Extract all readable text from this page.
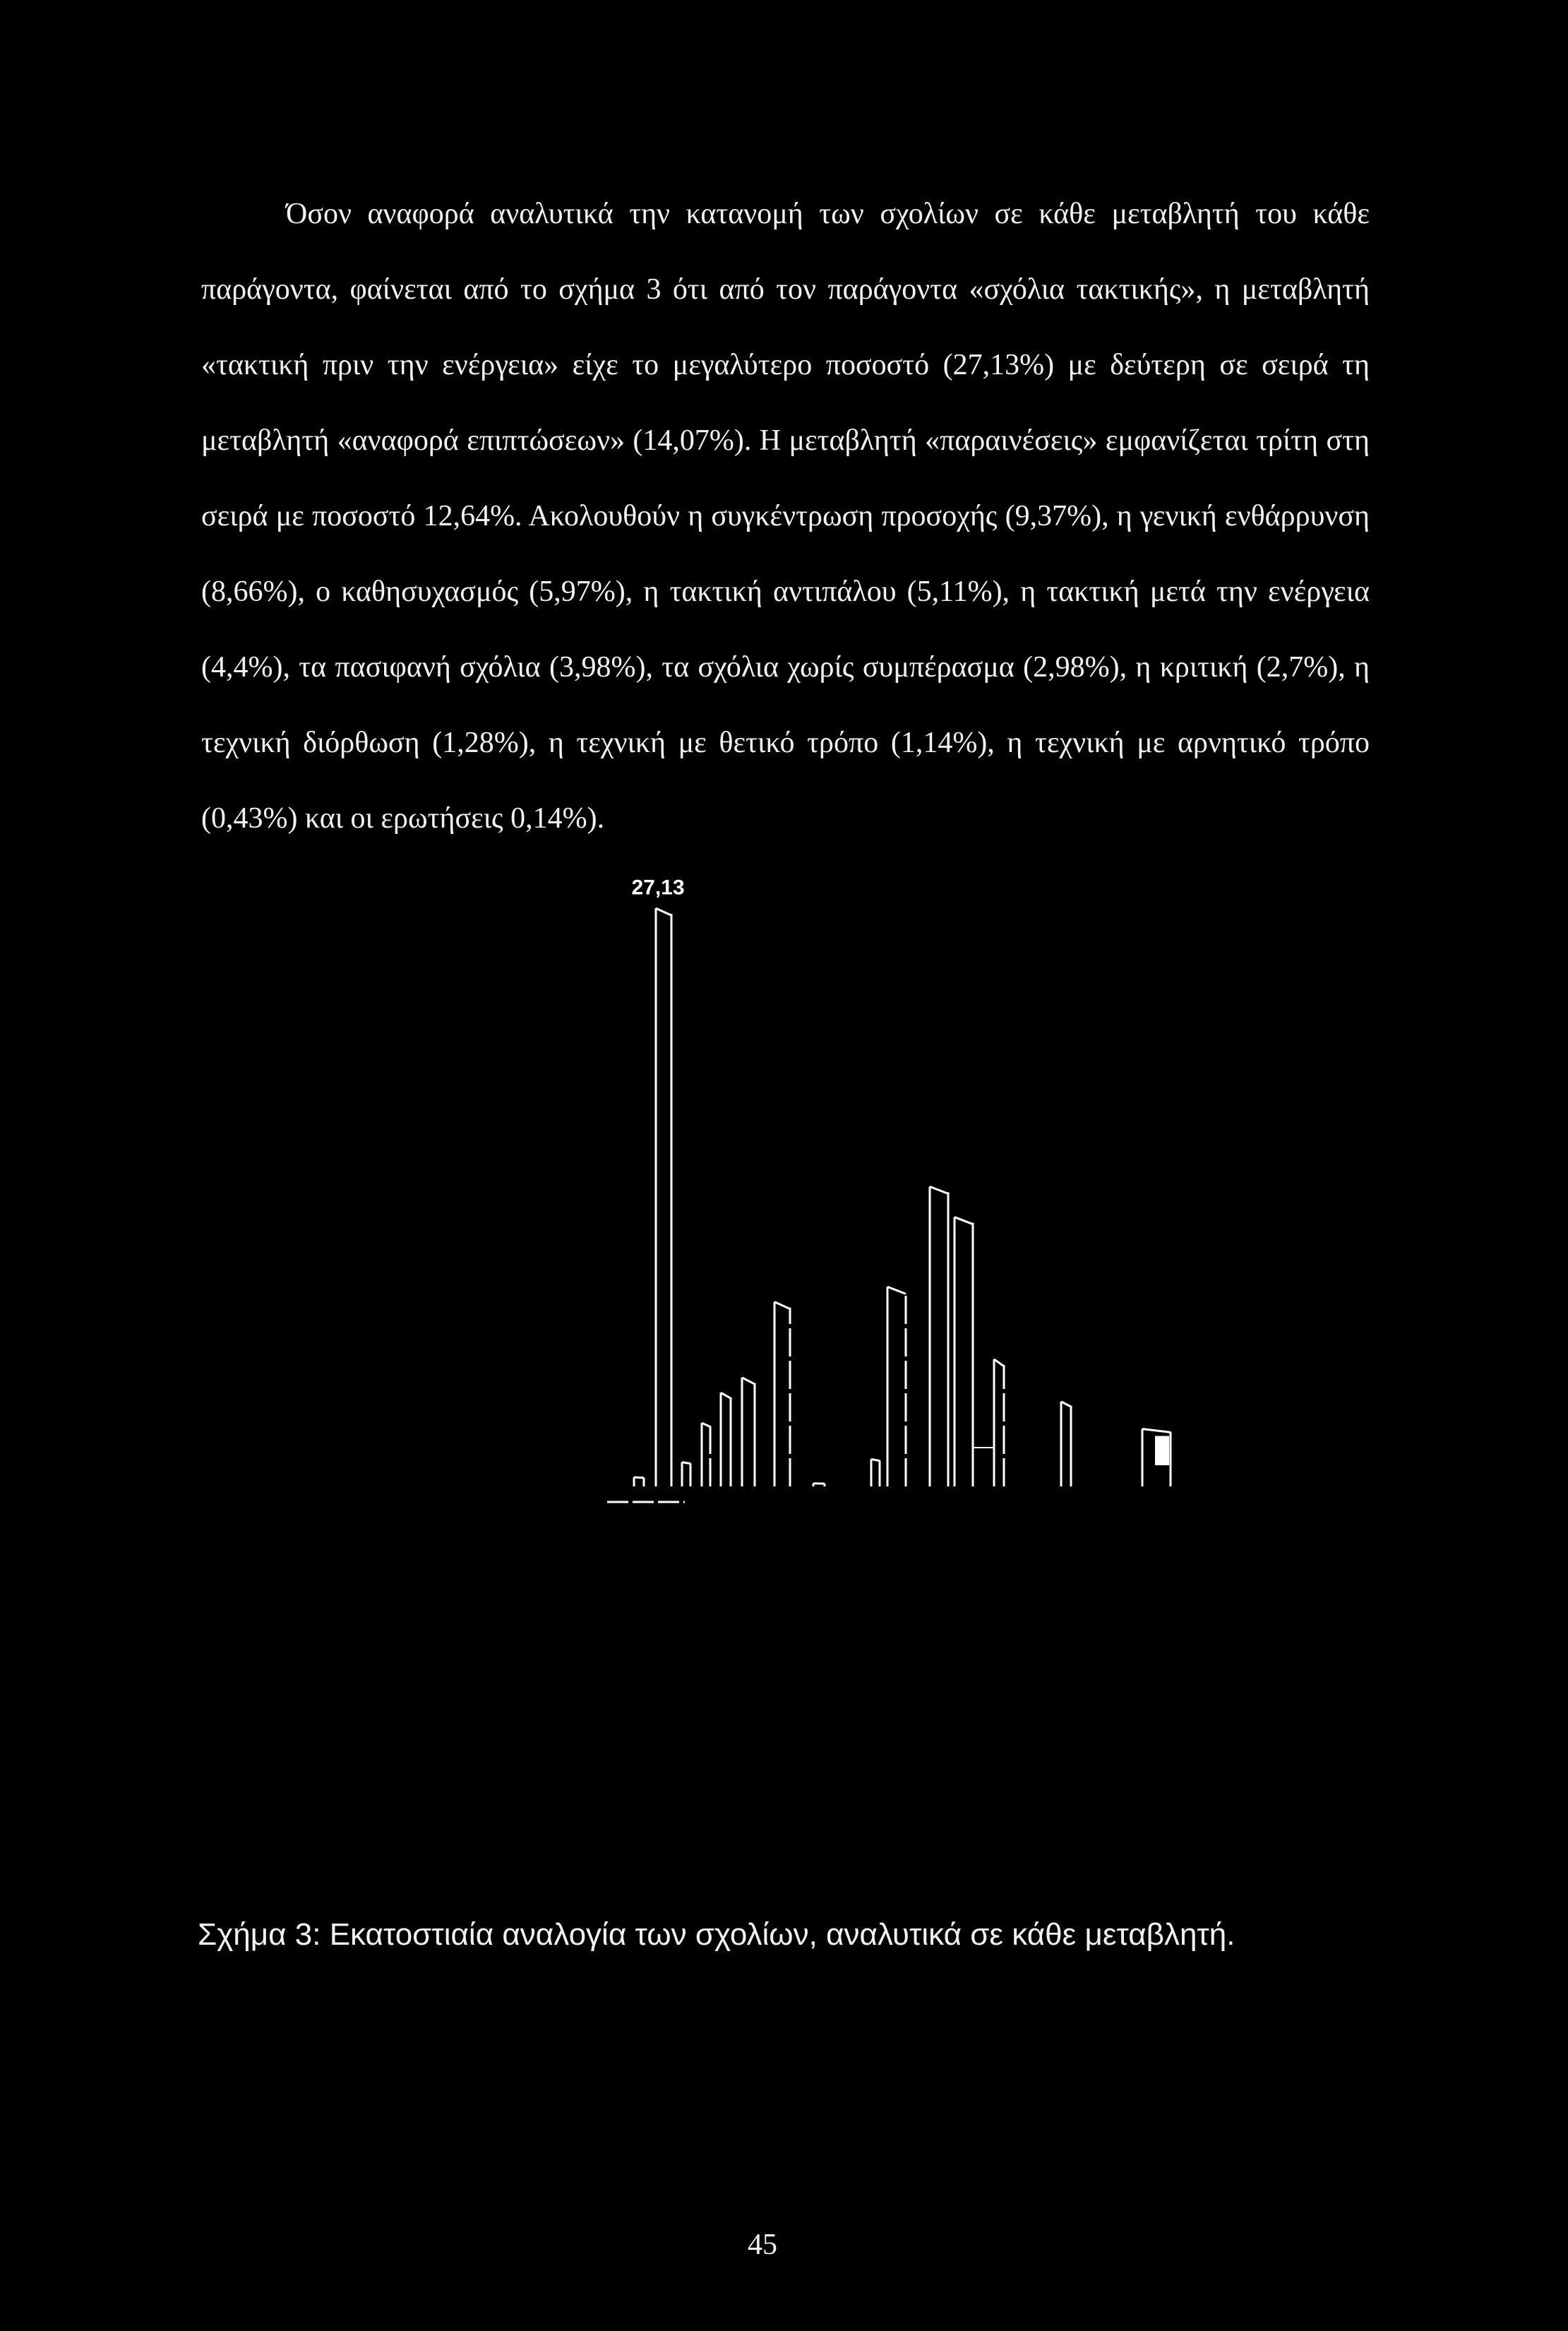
Όσον αναφορά αναλυτικά την κατανομή των σχολίων σε κάθε μεταβλητή του κάθε παράγοντα, φαίνεται από το σχήμα 3 ότι από τον παράγοντα «σχόλια τακτικής», η μεταβλητή «τακτική πριν την ενέργεια» είχε το μεγαλύτερο ποσοστό (27,13%) με δεύτερη σε σειρά τη μεταβλητή «αναφορά επιπτώσεων» (14,07%). Η μεταβλητή «παραινέσεις» εμφανίζεται τρίτη στη σειρά με ποσοστό 12,64%. Ακολουθούν η συγκέντρωση προσοχής (9,37%), η γενική ενθάρρυνση (8,66%), ο καθησυχασμός (5,97%), η τακτική αντιπάλου (5,11%), η τακτική μετά την ενέργεια (4,4%), τα πασιφανή σχόλια (3,98%), τα σχόλια χωρίς συμπέρασμα (2,98%), η κριτική (2,7%), η τεχνική διόρθωση (1,28%), η τεχνική με θετικό τρόπο (1,14%), η τεχνική με αρνητικό τρόπο (0,43%) και οι ερωτήσεις 0,14%).

27,13

Σχήμα 3: Εκατοστιαία αναλογία των σχολίων, αναλυτικά σε κάθε μεταβλητή.

45
